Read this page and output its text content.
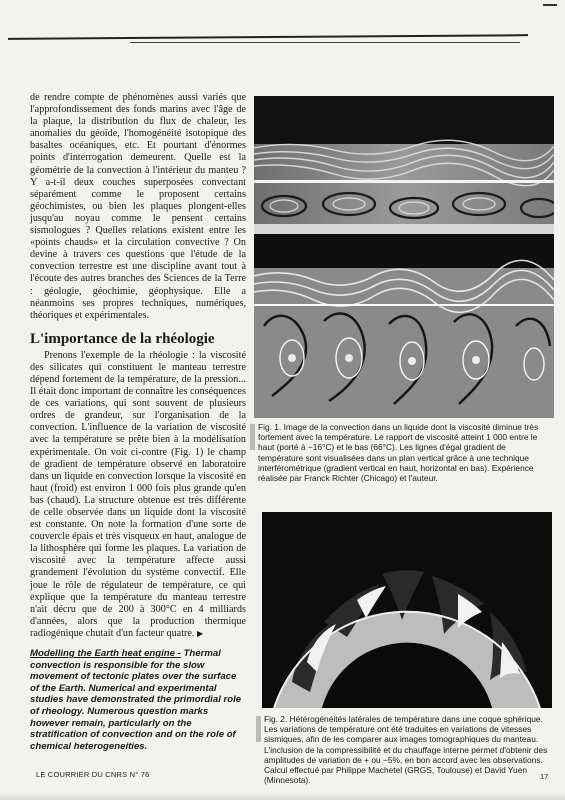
de rendre compte de phénomènes aussi variés que l'approfondissement des fonds marins avec l'âge de la plaque, la distribution du flux de chaleur, les anomalies du géoïde, l'homogénéité isotopique des basaltes océaniques, etc. Et pourtant d'énormes points d'interrogation demeurent. Quelle est la géométrie de la convection à l'intérieur du manteu ? Y a-t-il deux couches superposées convectant séparément comme le proposent certains géochimistes, ou bien les plaques plongent-elles jusqu'au noyau comme le pensent certains sismologues ? Quelles relations existent entre les «points chauds» et la circulation convective ? On devine à travers ces questions que l'étude de la convection terrestre est une discipline avant tout à l'écoute des autres branches des Sciences de la Terre : géologie, géochimie, géophysique. Elle a néanmoins ses propres techniques, numériques, théoriques et expérimentales.

L'importance de la rhéologie

Prenons l'exemple de la rhéologie : la viscosité des silicates qui constituent le manteau terrestre dépend fortement de la température, de la pression... Il était donc important de connaître les conséquences de ces variations, qui sont souvent de plusieurs ordres de grandeur, sur l'organisation de la convection. L'influence de la variation de viscosité avec la température se prête bien à la modélisation expérimentale. On voit ci-contre (Fig. 1) le champ de gradient de température observé en laboratoire dans un liquide en convection lorsque la viscosité en haut (froid) est environ 1 000 fois plus grande qu'en bas (chaud). La structure obtenue est très différente de celle observée dans un liquide dont la viscosité est constante. On note la formation d'une sorte de couvercle épais et très visqueux en haut, analogue de la lithosphère qui forme les plaques. La variation de viscosité avec la température affecte aussi grandement l'évolution du système convectif. Elle joue le rôle de régulateur de température, ce qui explique que la température du manteau terrestre n'ait décru que de 200 à 300°C en 4 milliards d'années, alors que la production thermique radiogénique chutait d'un facteur quatre. ▶

Modelling the Earth heat engine - Thermal convection is responsible for the slow movement of tectonic plates over the surface of the Earth. Numerical and experimental studies have demonstrated the primordial role of rheology. Numerous question marks however remain, particularly on the stratification of convection and on the role of chemical heterogeneities.
Fig. 1. Image de la convection dans un liquide dont la viscosité diminue très fortement avec la température. Le rapport de viscosité atteint 1 000 entre le haut (porté à −16°C) et le bas (66°C). Les lignes d'égal gradient de température sont visualisées dans un plan vertical grâce à une technique interférométrique (gradient vertical en haut, horizontal en bas). Expérience réalisée par Franck Richter (Chicago) et l'auteur.
Fig. 2. Hétérogénéités latérales de température dans une coque sphérique. Les variations de température ont été traduites en variations de vitesses sismiques, afin de les comparer aux images tomographiques du manteau. L'inclusion de la compressibilité et du chauffage interne permet d'obtenir des amplitudes de variation de + ou −5%, en bon accord avec les observations. Calcul effectué par Philippe Machetel (GRGS, Toulouse) et David Yuen (Minnesota).
LE COURRIER DU CNRS N° 76	17
